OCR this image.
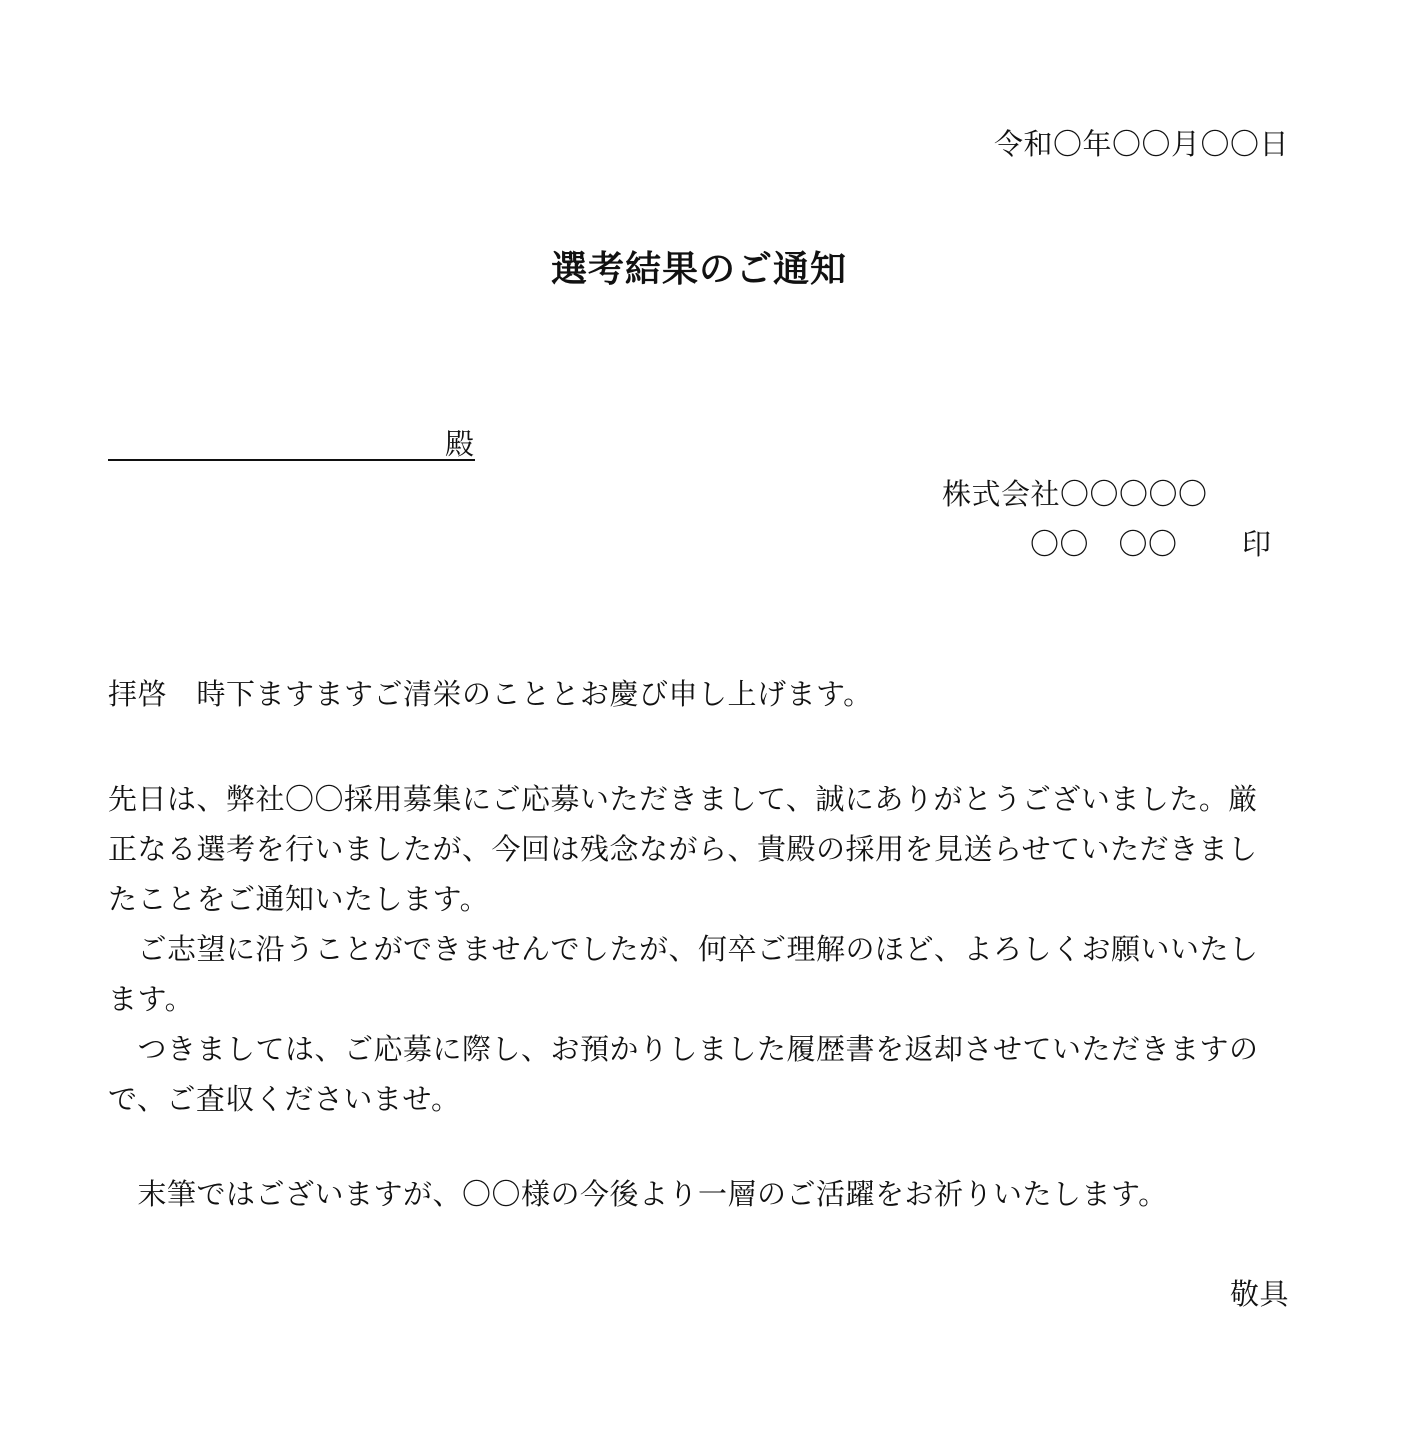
令和〇年〇〇月〇〇日
選考結果のご通知
殿
株式会社〇〇〇〇〇
〇〇　〇〇 印
拝啓　時下ますますご清栄のこととお慶び申し上げます。
先日は、弊社〇〇採用募集にご応募いただきまして、誠にありがとうございました。厳
正なる選考を行いましたが、今回は残念ながら、貴殿の採用を見送らせていただきまし
たことをご通知いたします。
　ご志望に沿うことができませんでしたが、何卒ご理解のほど、よろしくお願いいたし
ます。
　つきましては、ご応募に際し、お預かりしました履歴書を返却させていただきますの
で、ご査収くださいませ。
　末筆ではございますが、〇〇様の今後より一層のご活躍をお祈りいたします。
敬具
